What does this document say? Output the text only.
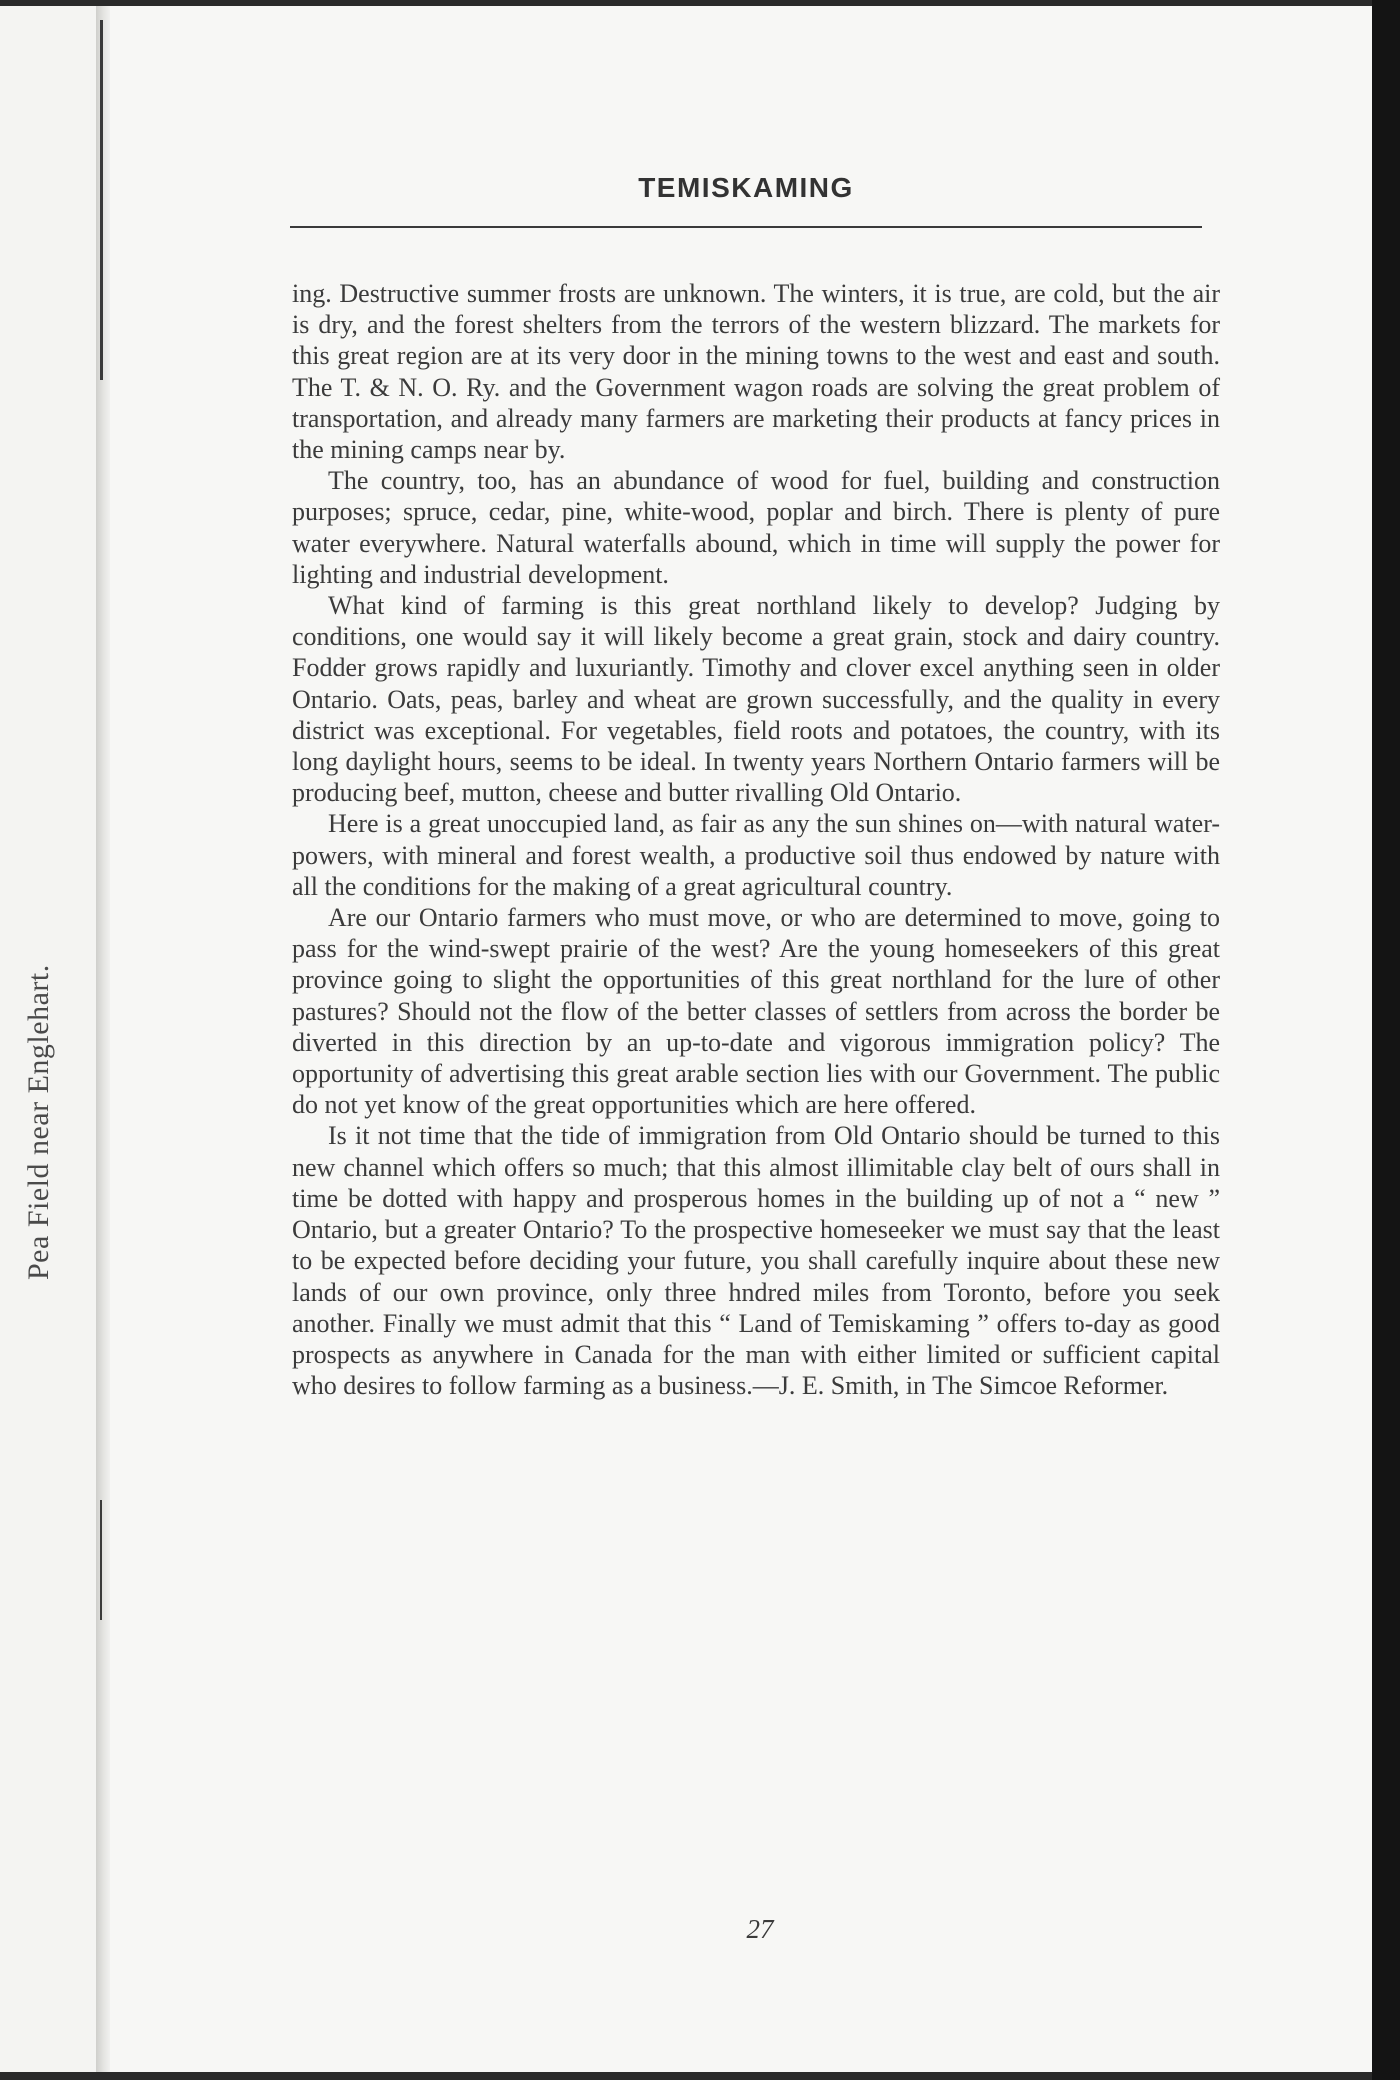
Pea Field near Englehart.
TEMISKAMING

ing. Destructive summer frosts are unknown. The winters, it is true, are cold, but the air is dry, and the forest shelters from the terrors of the western blizzard. The markets for this great region are at its very door in the mining towns to the west and east and south. The T. & N. O. Ry. and the Government wagon roads are solving the great problem of transportation, and already many farmers are marketing their products at fancy prices in the mining camps near by.

The country, too, has an abundance of wood for fuel, building and construction purposes; spruce, cedar, pine, white-wood, poplar and birch. There is plenty of pure water everywhere. Natural waterfalls abound, which in time will supply the power for lighting and industrial development.

What kind of farming is this great northland likely to develop? Judging by conditions, one would say it will likely become a great grain, stock and dairy country. Fodder grows rapidly and luxuriantly. Timothy and clover excel anything seen in older Ontario. Oats, peas, barley and wheat are grown successfully, and the quality in every district was exceptional. For vegetables, field roots and potatoes, the country, with its long daylight hours, seems to be ideal. In twenty years Northern Ontario farmers will be producing beef, mutton, cheese and butter rivalling Old Ontario.

Here is a great unoccupied land, as fair as any the sun shines on—with natural water-powers, with mineral and forest wealth, a productive soil thus endowed by nature with all the conditions for the making of a great agricultural country.

Are our Ontario farmers who must move, or who are determined to move, going to pass for the wind-swept prairie of the west? Are the young homeseekers of this great province going to slight the opportunities of this great northland for the lure of other pastures? Should not the flow of the better classes of settlers from across the border be diverted in this direction by an up-to-date and vigorous immigration policy? The opportunity of advertising this great arable section lies with our Government. The public do not yet know of the great opportunities which are here offered.

Is it not time that the tide of immigration from Old Ontario should be turned to this new channel which offers so much; that this almost illimitable clay belt of ours shall in time be dotted with happy and prosperous homes in the building up of not a “ new ” Ontario, but a greater Ontario? To the prospective homeseeker we must say that the least to be expected before deciding your future, you shall carefully inquire about these new lands of our own province, only three hndred miles from Toronto, before you seek another. Finally we must admit that this “ Land of Temiskaming ” offers to-day as good prospects as anywhere in Canada for the man with either limited or sufficient capital who desires to follow farming as a business.—J. E. Smith, in The Simcoe Reformer.

27
